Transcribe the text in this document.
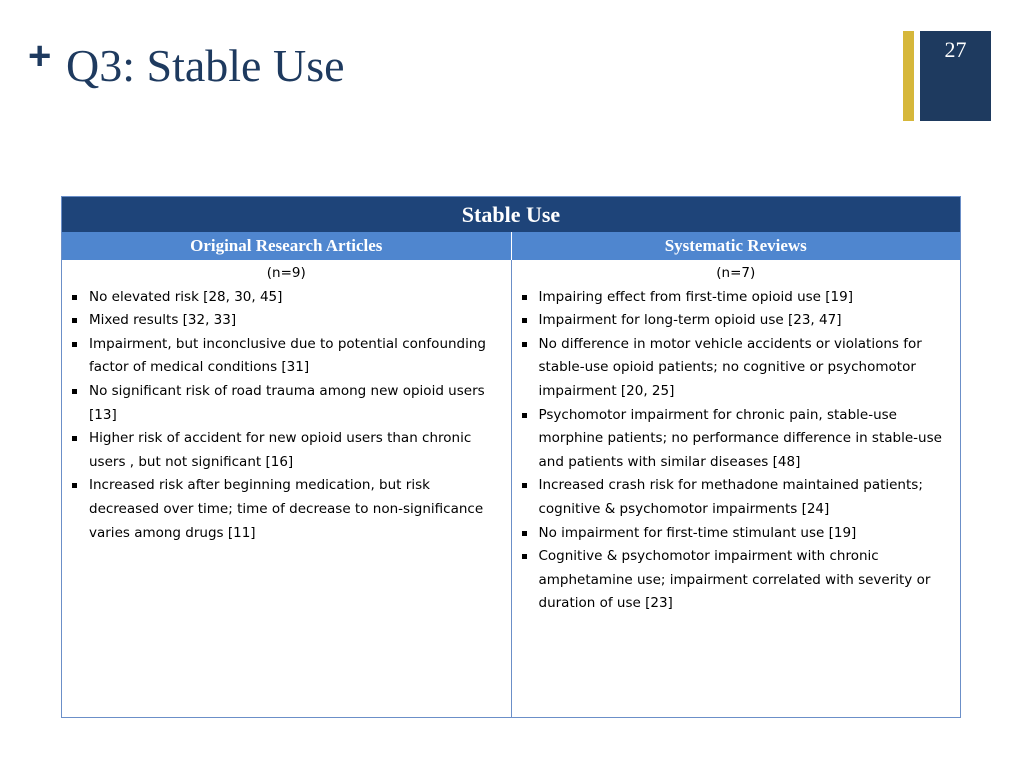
+ Q3: Stable Use	27
Stable Use
Original Research Articles	Systematic Reviews
(n=9)
No elevated risk [28, 30, 45]
Mixed results [32, 33]
Impairment, but inconclusive due to potential confounding factor of medical conditions [31]
No significant risk of road trauma among new opioid users [13]
Higher risk of accident for new opioid users than chronic users , but not significant [16]
Increased risk after beginning medication, but risk decreased over time; time of decrease to non-significance varies among drugs [11]
(n=7)
Impairing effect from first-time opioid use [19]
Impairment for long-term opioid use [23, 47]
No difference in motor vehicle accidents or violations for stable-use opioid patients; no cognitive or psychomotor impairment [20, 25]
Psychomotor impairment for chronic pain, stable-use morphine patients; no performance difference in stable-use and patients with similar diseases [48]
Increased crash risk for methadone maintained patients; cognitive & psychomotor impairments [24]
No impairment for first-time stimulant use [19]
Cognitive & psychomotor impairment with chronic amphetamine use; impairment correlated with severity or duration of use [23]
